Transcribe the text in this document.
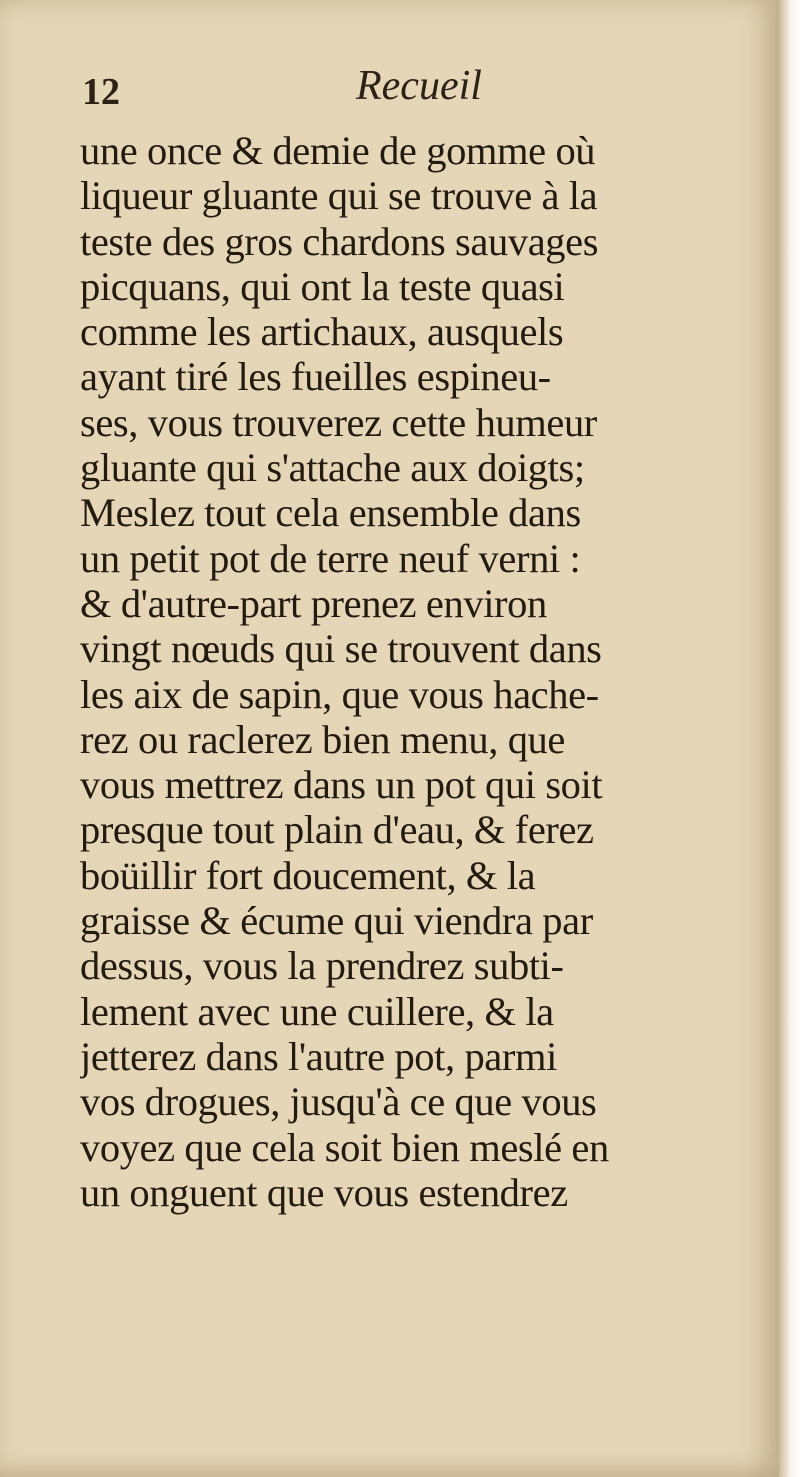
12	Recueil
une once & demie de gomme où
liqueur gluante qui se trouve à la
teste des gros chardons sauvages
picquans, qui ont la teste quasi
comme les artichaux, ausquels
ayant tiré les fueilles espineu-
ses, vous trouverez cette humeur
gluante qui s'attache aux doigts;
Meslez tout cela ensemble dans
un petit pot de terre neuf verni :
& d'autre-part prenez environ
vingt nœuds qui se trouvent dans
les aix de sapin, que vous hache-
rez ou raclerez bien menu, que
vous mettrez dans un pot qui soit
presque tout plain d'eau, & ferez
boüillir fort doucement, & la
graisse & écume qui viendra par
dessus, vous la prendrez subti-
lement avec une cuillere, & la
jetterez dans l'autre pot, parmi
vos drogues, jusqu'à ce que vous
voyez que cela soit bien meslé en
un onguent que vous estendrez
